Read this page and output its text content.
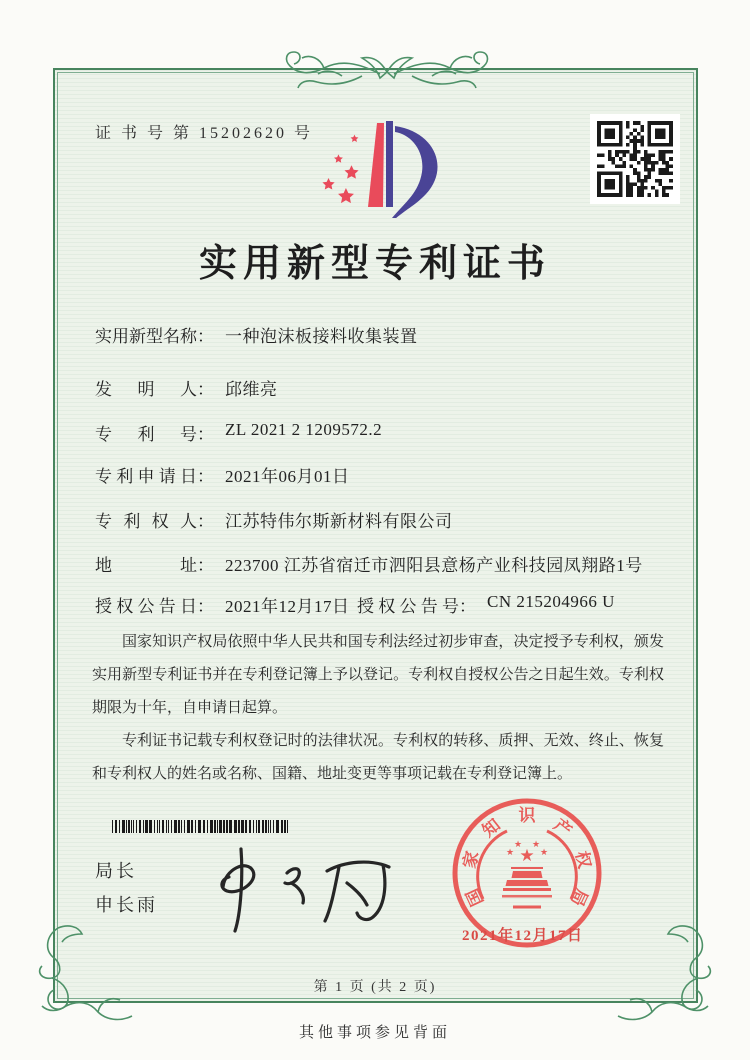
证 书 号 第 15202620 号
实用新型专利证书
实用新型名称： 一种泡沫板接料收集装置
发明人： 邱维亮
专利号： ZL 2021 2 1209572.2
专利申请日： 2021年06月01日
专利权人： 江苏特伟尔斯新材料有限公司
地址： 223700 江苏省宿迁市泗阳县意杨产业科技园凤翔路1号
授权公告日： 2021年12月17日 授权公告号： CN 215204966 U

国家知识产权局依照中华人民共和国专利法经过初步审查，决定授予专利权，颁发实用新型专利证书并在专利登记簿上予以登记。专利权自授权公告之日起生效。专利权期限为十年，自申请日起算。

专利证书记载专利权登记时的法律状况。专利权的转移、质押、无效、终止、恢复和专利权人的姓名或名称、国籍、地址变更等事项记载在专利登记簿上。

局长
申长雨	国
家
知 识 产
权
局
★
★
★ ★
★
2021年12月17日
第 1 页 (共 2 页)
其他事项参见背面
